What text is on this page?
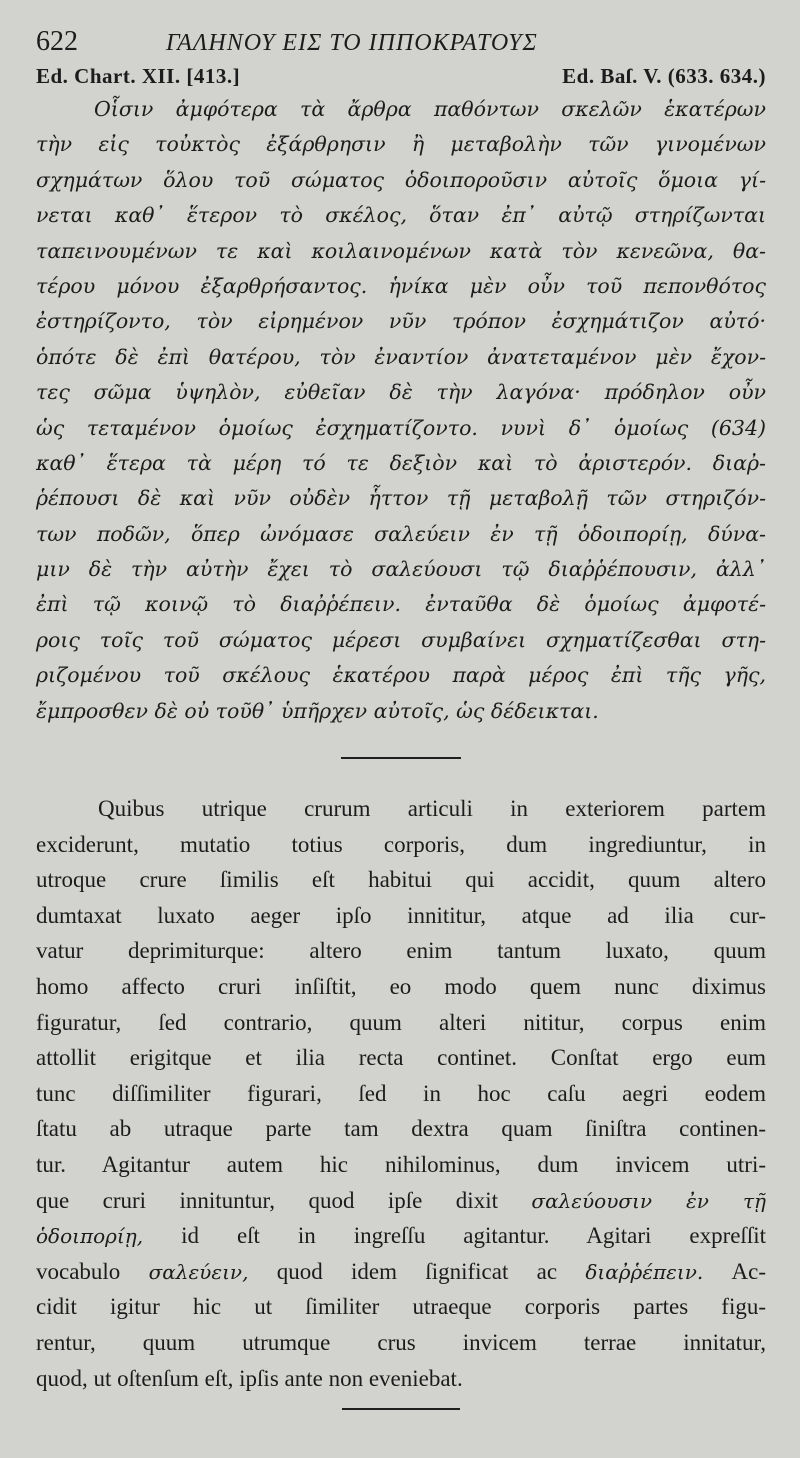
622	ΓΑΛΗΝΟΥ ΕΙΣ ΤΟ ΙΠΠΟΚΡΑΤΟΥΣ
Ed. Chart. XII. [413.]	Ed. Baſ. V. (633. 634.)
Οἷσιν ἀμφότερα τὰ ἄρθρα παθόντων σκελῶν ἑκατέρων
τὴν εἰς τοὐκτὸς ἐξάρθρησιν ἢ μεταβολὴν τῶν γινομένων
σχημάτων ὅλου τοῦ σώματος ὁδοιποροῦσιν αὐτοῖς ὅμοια γί-
νεται καθ᾽ ἕτερον τὸ σκέλος, ὅταν ἐπ᾽ αὐτῷ στηρίζωνται
ταπεινουμένων τε καὶ κοιλαινομένων κατὰ τὸν κενεῶνα, θα-
τέρου μόνου ἐξαρθρήσαντος. ἡνίκα μὲν οὖν τοῦ πεπονθότος
ἐστηρίζοντο, τὸν εἰρημένον νῦν τρόπον ἐσχημάτιζον αὐτό·
ὁπότε δὲ ἐπὶ θατέρου, τὸν ἐναντίον ἀνατεταμένον μὲν ἔχον-
τες σῶμα ὑψηλὸν, εὐθεῖαν δὲ τὴν λαγόνα· πρόδηλον οὖν
ὡς τεταμένον ὁμοίως ἐσχηματίζοντο. νυνὶ δ᾽ ὁμοίως (634)
καθ᾽ ἕτερα τὰ μέρη τό τε δεξιὸν καὶ τὸ ἀριστερόν. διαῤ-
ῥέπουσι δὲ καὶ νῦν οὐδὲν ἧττον τῇ μεταβολῇ τῶν στηριζόν-
των ποδῶν, ὅπερ ὠνόμασε σαλεύειν ἐν τῇ ὁδοιπορίῃ, δύνα-
μιν δὲ τὴν αὐτὴν ἔχει τὸ σαλεύουσι τῷ διαῤῥέπουσιν, ἀλλ᾽
ἐπὶ τῷ κοινῷ τὸ διαῤῥέπειν. ἐνταῦθα δὲ ὁμοίως ἀμφοτέ-
ροις τοῖς τοῦ σώματος μέρεσι συμβαίνει σχηματίζεσθαι στη-
ριζομένου τοῦ σκέλους ἑκατέρου παρὰ μέρος ἐπὶ τῆς γῆς,
ἔμπροσθεν δὲ οὐ τοῦθ᾽ ὑπῆρχεν αὐτοῖς, ὡς δέδεικται.
Quibus utrique crurum articuli in exteriorem partem
exciderunt, mutatio totius corporis, dum ingrediuntur, in
utroque crure ſimilis eſt habitui qui accidit, quum altero
dumtaxat luxato aeger ipſo innititur, atque ad ilia cur-
vatur deprimiturque: altero enim tantum luxato, quum
homo affecto cruri inſiſtit, eo modo quem nunc diximus
figuratur, ſed contrario, quum alteri nititur, corpus enim
attollit erigitque et ilia recta continet. Conſtat ergo eum
tunc diſſimiliter figurari, ſed in hoc caſu aegri eodem
ſtatu ab utraque parte tam dextra quam ſiniſtra continen-
tur. Agitantur autem hic nihilominus, dum invicem utri-
que cruri innituntur, quod ipſe dixit σαλεύουσιν ἐν τῇ
ὁδοιπορίῃ, id eſt in ingreſſu agitantur. Agitari expreſſit
vocabulo σαλεύειν, quod idem ſignificat ac διαῤῥέπειν. Ac-
cidit igitur hic ut ſimiliter utraeque corporis partes figu-
rentur, quum utrumque crus invicem terrae innitatur,
quod, ut oſtenſum eſt, ipſis ante non eveniebat.
